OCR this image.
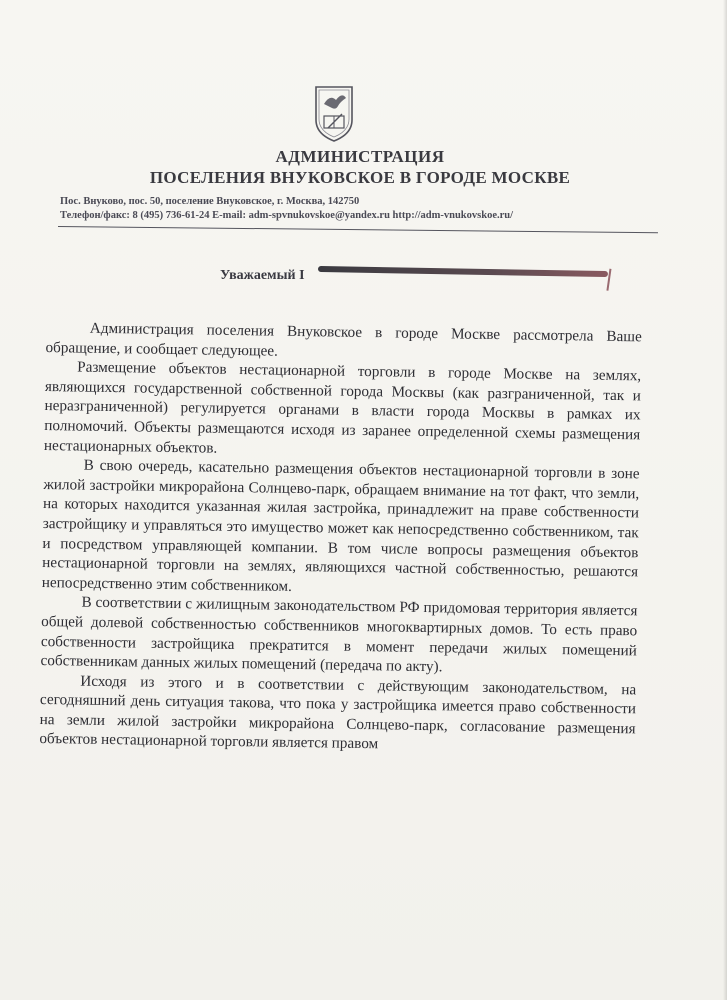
АДМИНИСТРАЦИЯ
ПОСЕЛЕНИЯ ВНУКОВСКОЕ В ГОРОДЕ МОСКВЕ
Пос. Внуково, пос. 50, поселение Внуковское, г. Москва, 142750
Телефон/факс: 8 (495) 736-61-24 E-mail: adm-spvnukovskoe@yandex.ru http://adm-vnukovskoe.ru/
Уважаемый I

Администрация поселения Внуковское в городе Москве рассмотрела Ваше обращение, и сообщает следующее.

Размещение объектов нестационарной торговли в городе Москве на землях, являющихся государственной собственной города Москвы (как разграниченной, так и неразграниченной) регулируется органами в власти города Москвы в рамках их полномочий. Объекты размещаются исходя из заранее определенной схемы размещения нестационарных объектов.

В свою очередь, касательно размещения объектов нестационарной торговли в зоне жилой застройки микрорайона Солнцево-парк, обращаем внимание на тот факт, что земли, на которых находится указанная жилая застройка, принадлежит на праве собственности застройщику и управляться это имущество может как непосредственно собственником, так и посредством управляющей компании. В том числе вопросы размещения объектов нестационарной торговли на землях, являющихся частной собственностью, решаются непосредственно этим собственником.

В соответствии с жилищным законодательством РФ придомовая территория является общей долевой собственностью собственников многоквартирных домов. То есть право собственности застройщика прекратится в момент передачи жилых помещений собственникам данных жилых помещений (передача по акту).

Исходя из этого и в соответствии с действующим законодательством, на сегодняшний день ситуация такова, что пока у застройщика имеется право собственности на земли жилой застройки микрорайона Солнцево-парк, согласование размещения объектов нестационарной торговли является правом
